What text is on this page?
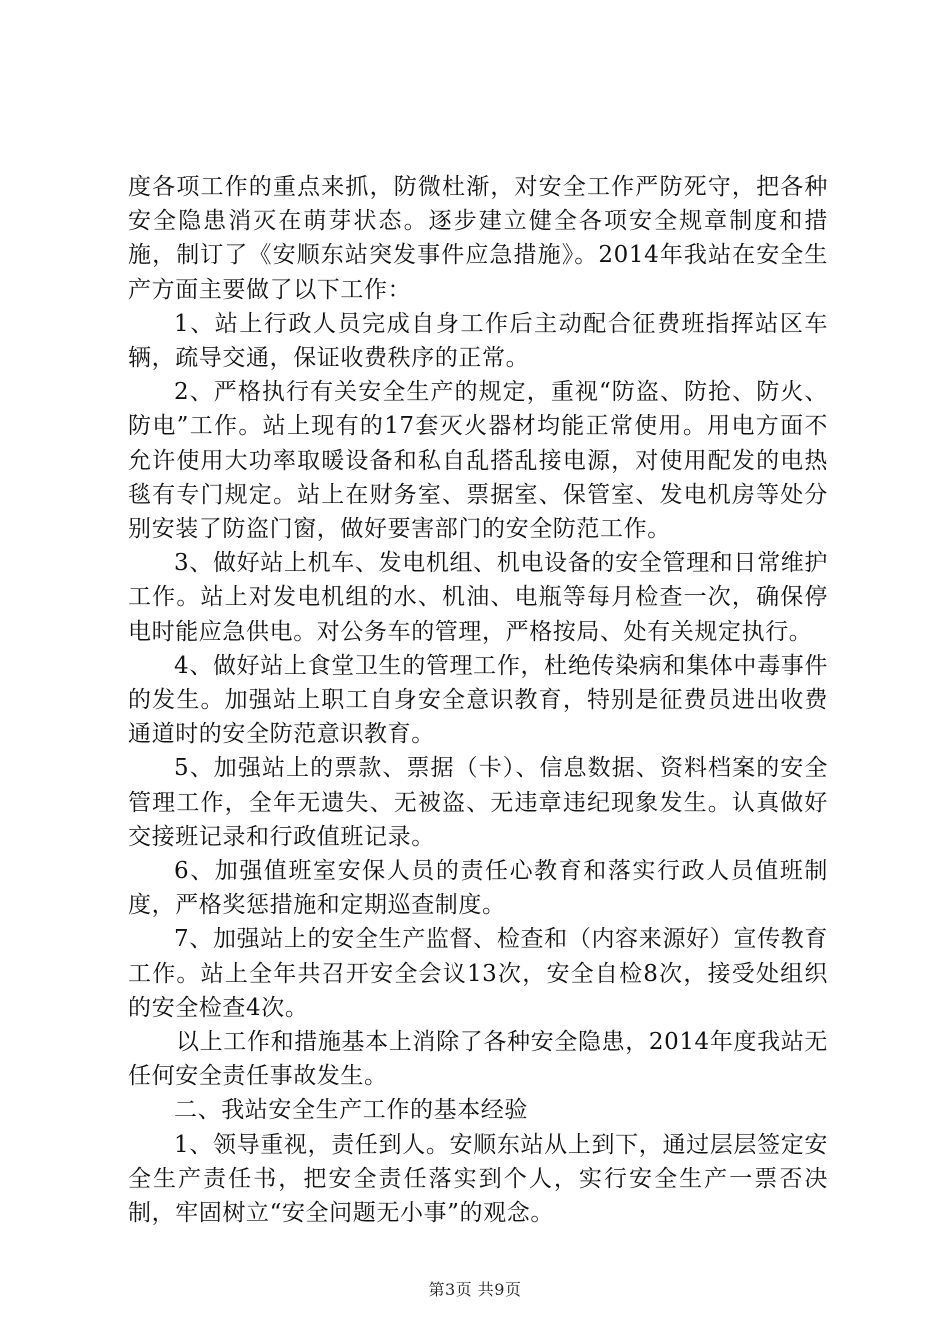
度各项工作的重点来抓，防微杜渐，对安全工作严防死守，把各种安全隐患消灭在萌芽状态。逐步建立健全各项安全规章制度和措施，制订了《安顺东站突发事件应急措施》。2014年我站在安全生产方面主要做了以下工作：

1、站上行政人员完成自身工作后主动配合征费班指挥站区车辆，疏导交通，保证收费秩序的正常。

2、严格执行有关安全生产的规定，重视“防盗、防抢、防火、防电”工作。站上现有的17套灭火器材均能正常使用。用电方面不允许使用大功率取暖设备和私自乱搭乱接电源，对使用配发的电热毯有专门规定。站上在财务室、票据室、保管室、发电机房等处分别安装了防盗门窗，做好要害部门的安全防范工作。

3、做好站上机车、发电机组、机电设备的安全管理和日常维护工作。站上对发电机组的水、机油、电瓶等每月检查一次，确保停电时能应急供电。对公务车的管理，严格按局、处有关规定执行。

4、做好站上食堂卫生的管理工作，杜绝传染病和集体中毒事件的发生。加强站上职工自身安全意识教育，特别是征费员进出收费通道时的安全防范意识教育。

5、加强站上的票款、票据（卡）、信息数据、资料档案的安全管理工作，全年无遗失、无被盗、无违章违纪现象发生。认真做好交接班记录和行政值班记录。

6、加强值班室安保人员的责任心教育和落实行政人员值班制度，严格奖惩措施和定期巡查制度。

7、加强站上的安全生产监督、检查和（内容来源好）宣传教育工作。站上全年共召开安全会议13次，安全自检8次，接受处组织的安全检查4次。

以上工作和措施基本上消除了各种安全隐患，2014年度我站无任何安全责任事故发生。

二、我站安全生产工作的基本经验

1、领导重视，责任到人。安顺东站从上到下，通过层层签定安全生产责任书，把安全责任落实到个人，实行安全生产一票否决制，牢固树立“安全问题无小事”的观念。

第3页 共9页
